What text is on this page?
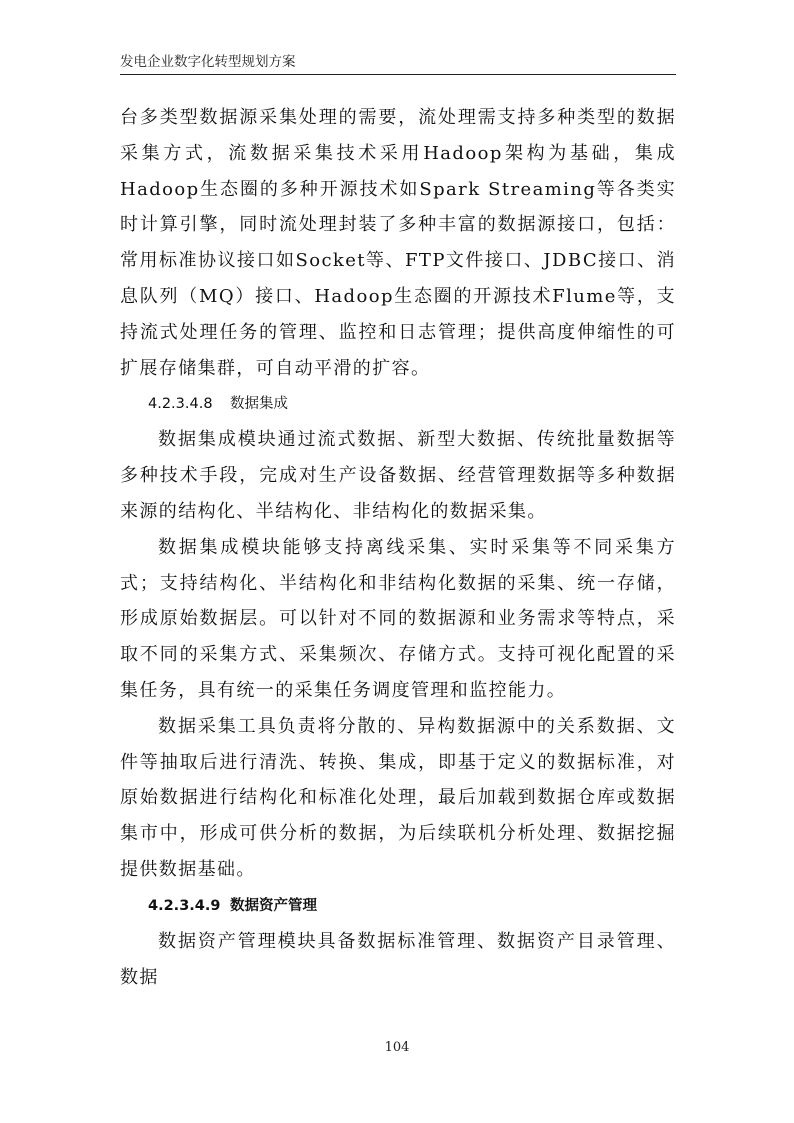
发电企业数字化转型规划方案

台多类型数据源采集处理的需要，流处理需支持多种类型的数据采集方式，流数据采集技术采用Hadoop架构为基础，集成Hadoop生态圈的多种开源技术如Spark Streaming等各类实时计算引擎，同时流处理封装了多种丰富的数据源接口，包括：常用标准协议接口如Socket等、FTP文件接口、JDBC接口、消息队列（MQ）接口、Hadoop生态圈的开源技术Flume等，支持流式处理任务的管理、监控和日志管理；提供高度伸缩性的可扩展存储集群，可自动平滑的扩容。

4.2.3.4.8 数据集成

数据集成模块通过流式数据、新型大数据、传统批量数据等多种技术手段，完成对生产设备数据、经营管理数据等多种数据来源的结构化、半结构化、非结构化的数据采集。

数据集成模块能够支持离线采集、实时采集等不同采集方式；支持结构化、半结构化和非结构化数据的采集、统一存储，形成原始数据层。可以针对不同的数据源和业务需求等特点，采取不同的采集方式、采集频次、存储方式。支持可视化配置的采集任务，具有统一的采集任务调度管理和监控能力。

数据采集工具负责将分散的、异构数据源中的关系数据、文件等抽取后进行清洗、转换、集成，即基于定义的数据标准，对原始数据进行结构化和标准化处理，最后加载到数据仓库或数据集市中，形成可供分析的数据，为后续联机分析处理、数据挖掘提供数据基础。

4.2.3.4.9 数据资产管理

数据资产管理模块具备数据标准管理、数据资产目录管理、数据

104
